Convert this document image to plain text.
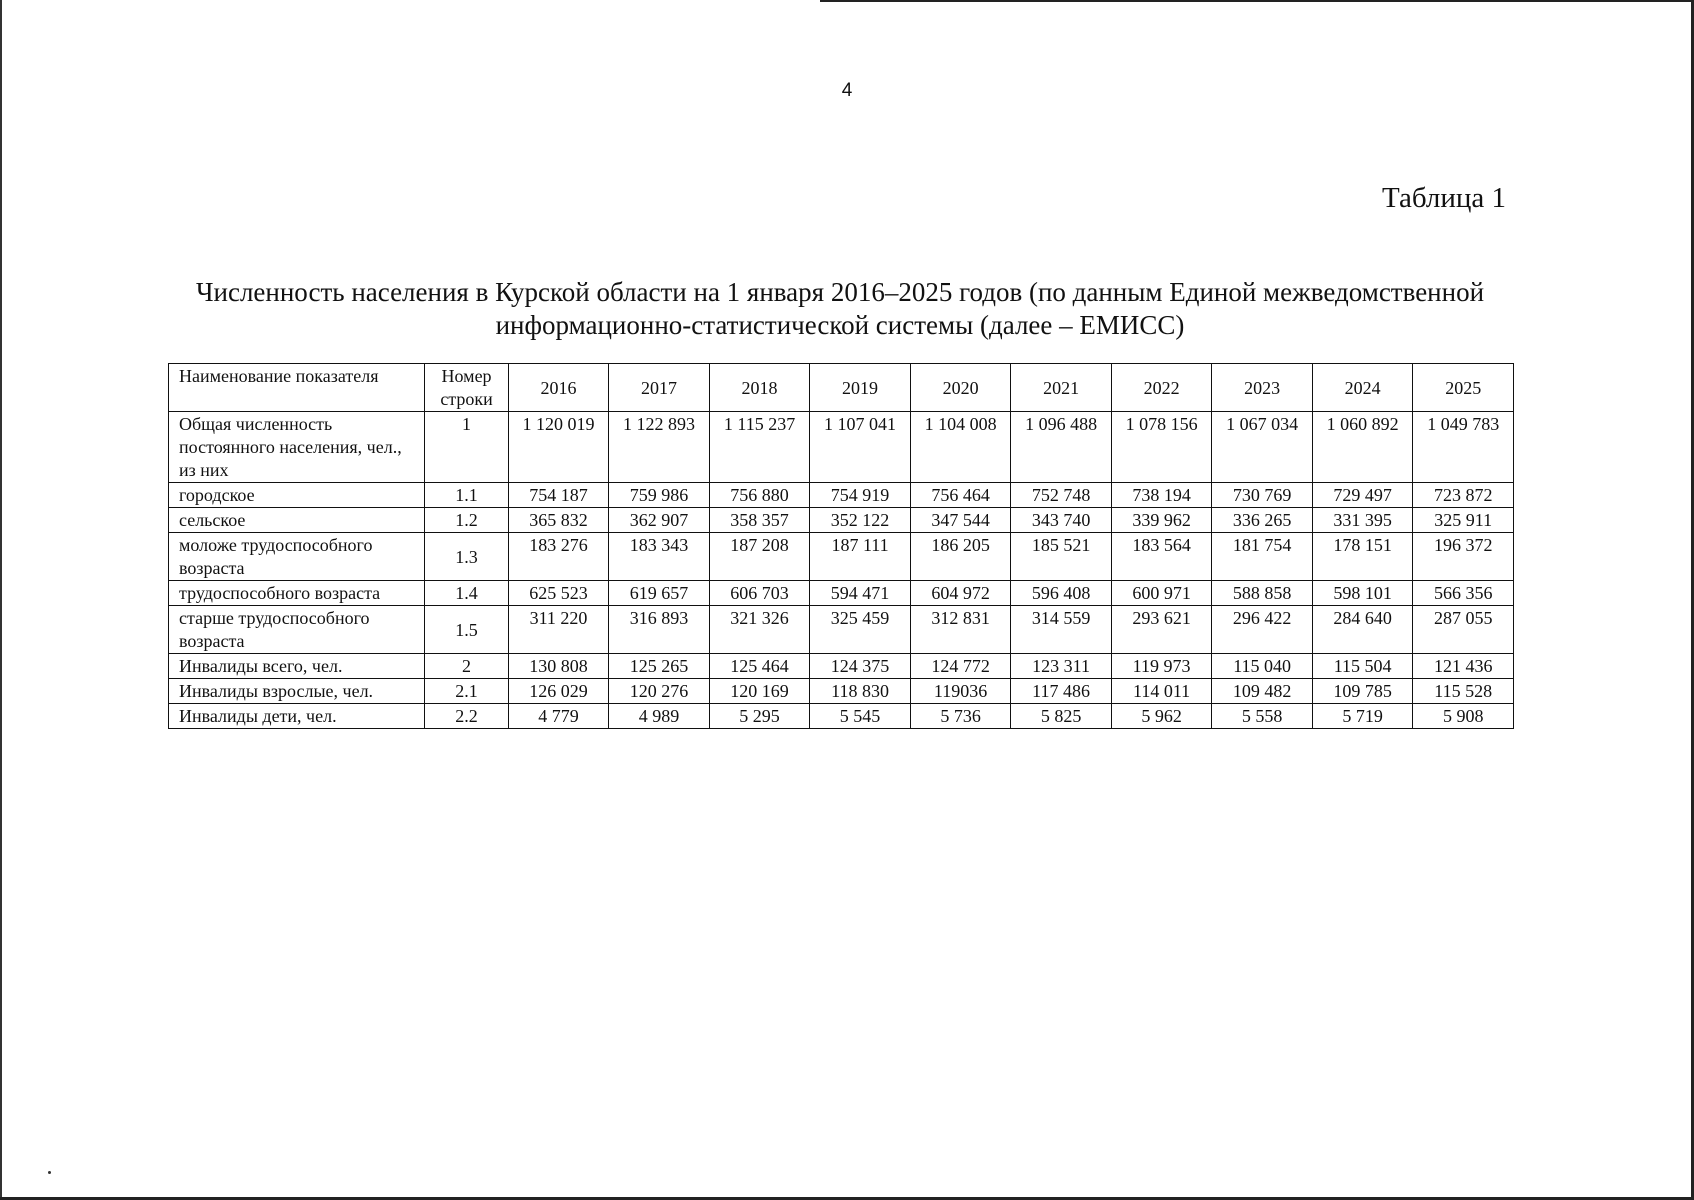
4
Таблица 1
Численность населения в Курской области на 1 января 2016–2025 годов (по данным Единой межведомственной
информационно-статистической системы (далее – ЕМИСС)
Наименование показателя	Номер строки	2016	2017	2018	2019	2020	2021	2022	2023	2024	2025
Общая численность постоянного населения, чел., из них	1	1 120 019	1 122 893	1 115 237	1 107 041	1 104 008	1 096 488	1 078 156	1 067 034	1 060 892	1 049 783
городское	1.1	754 187	759 986	756 880	754 919	756 464	752 748	738 194	730 769	729 497	723 872
сельское	1.2	365 832	362 907	358 357	352 122	347 544	343 740	339 962	336 265	331 395	325 911
моложе трудоспособного возраста	1.3	183 276	183 343	187 208	187 111	186 205	185 521	183 564	181 754	178 151	196 372
трудоспособного возраста	1.4	625 523	619 657	606 703	594 471	604 972	596 408	600 971	588 858	598 101	566 356
старше трудоспособного возраста	1.5	311 220	316 893	321 326	325 459	312 831	314 559	293 621	296 422	284 640	287 055
Инвалиды всего, чел.	2	130 808	125 265	125 464	124 375	124 772	123 311	119 973	115 040	115 504	121 436
Инвалиды взрослые, чел.	2.1	126 029	120 276	120 169	118 830	119036	117 486	114 011	109 482	109 785	115 528
Инвалиды дети, чел.	2.2	4 779	4 989	5 295	5 545	5 736	5 825	5 962	5 558	5 719	5 908
